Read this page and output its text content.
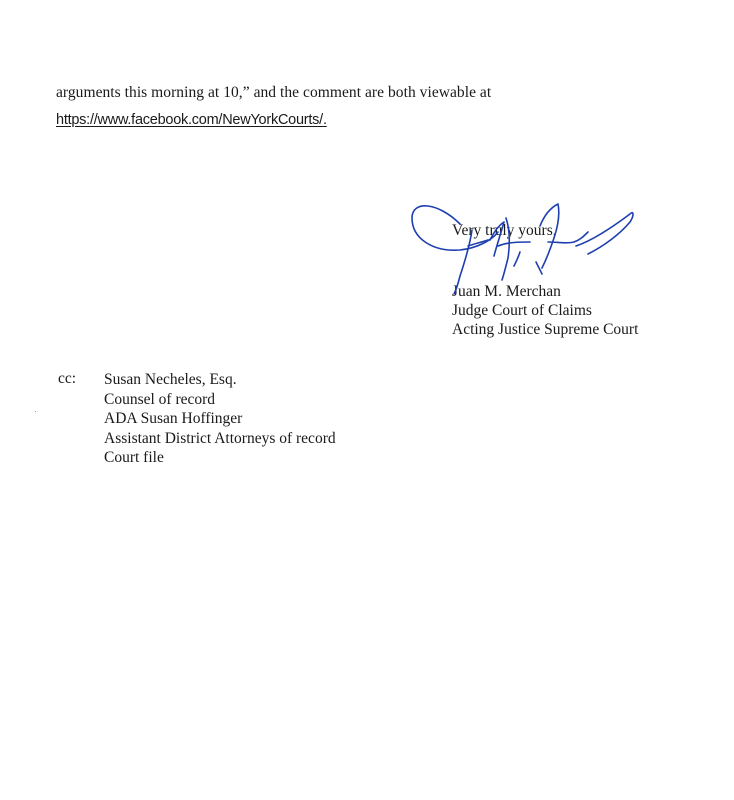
arguments this morning at 10,” and the comment are both viewable at
https://www.facebook.com/NewYorkCourts/.
Very truly yours,
Juan M. Merchan
Judge Court of Claims
Acting Justice Supreme Court
cc: Susan Necheles, Esq.
Counsel of record
ADA Susan Hoffinger
Assistant District Attorneys of record
Court file
